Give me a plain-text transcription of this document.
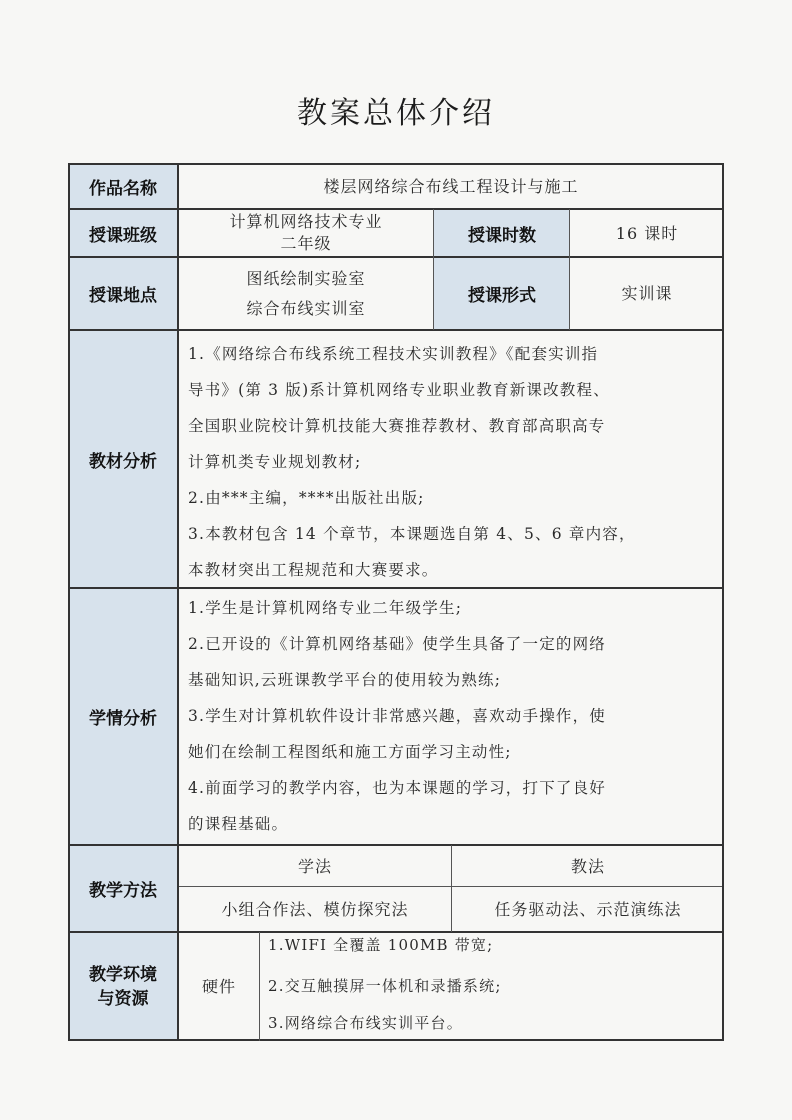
教案总体介绍
作品名称
授课班级
授课地点
教材分析
学情分析
教学方法
教学环境
与资源
授课时数
授课形式
楼层网络综合布线工程设计与施工
计算机网络技术专业
二年级
16 课时
图纸绘制实验室
综合布线实训室
实训课
1.《网络综合布线系统工程技术实训教程》《配套实训指
导书》(第 3 版)系计算机网络专业职业教育新课改教程、
全国职业院校计算机技能大赛推荐教材、教育部高职高专
计算机类专业规划教材;
2.由***主编，****出版社出版;
3.本教材包含 14 个章节，本课题选自第 4、5、6 章内容，
本教材突出工程规范和大赛要求。
1.学生是计算机网络专业二年级学生;
2.已开设的《计算机网络基础》使学生具备了一定的网络
基础知识,云班课教学平台的使用较为熟练;
3.学生对计算机软件设计非常感兴趣，喜欢动手操作，使
她们在绘制工程图纸和施工方面学习主动性;
4.前面学习的教学内容，也为本课题的学习，打下了良好
的课程基础。
学法	教法
小组合作法、模仿探究法	任务驱动法、示范演练法
硬件
1.WIFI 全覆盖 100MB 带宽;
2.交互触摸屏一体机和录播系统;
3.网络综合布线实训平台。
